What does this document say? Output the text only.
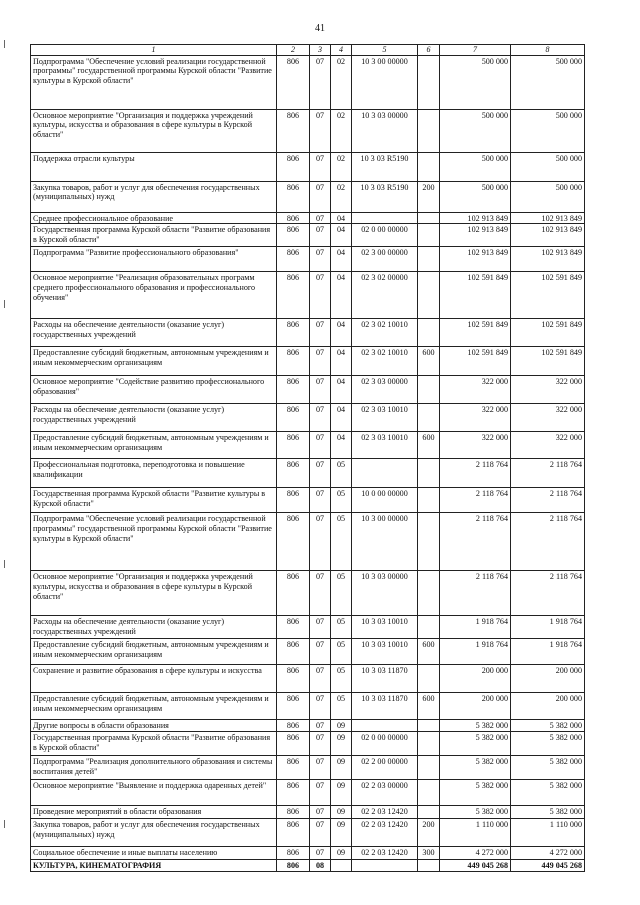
41
1	2	3	4	5	6	7	8
Подпрограмма "Обеспечение условий реализации государственной программы" государственной программы Курской области "Развитие культуры в Курской области"	806	07	02	10 3 00 00000		500 000	500 000
Основное мероприятие "Организация и поддержка учреждений культуры, искусства и образования в сфере культуры в Курской области"	806	07	02	10 3 03 00000		500 000	500 000
Поддержка отрасли культуры	806	07	02	10 3 03 R5190		500 000	500 000
Закупка товаров, работ и услуг для обеспечения государственных (муниципальных) нужд	806	07	02	10 3 03 R5190	200	500 000	500 000
Среднее профессиональное образование	806	07	04			102 913 849	102 913 849
Государственная программа Курской области "Развитие образования в Курской области"	806	07	04	02 0 00 00000		102 913 849	102 913 849
Подпрограмма "Развитие профессионального образования"	806	07	04	02 3 00 00000		102 913 849	102 913 849
Основное мероприятие "Реализация образовательных программ среднего профессионального образования и профессионального обучения"	806	07	04	02 3 02 00000		102 591 849	102 591 849
Расходы на обеспечение деятельности (оказание услуг) государственных учреждений	806	07	04	02 3 02 10010		102 591 849	102 591 849
Предоставление субсидий бюджетным, автономным учреждениям и иным некоммерческим организациям	806	07	04	02 3 02 10010	600	102 591 849	102 591 849
Основное мероприятие "Содействие развитию профессионального образования"	806	07	04	02 3 03 00000		322 000	322 000
Расходы на обеспечение деятельности (оказание услуг) государственных учреждений	806	07	04	02 3 03 10010		322 000	322 000
Предоставление субсидий бюджетным, автономным учреждениям и иным некоммерческим организациям	806	07	04	02 3 03 10010	600	322 000	322 000
Профессиональная подготовка, переподготовка и повышение квалификации	806	07	05			2 118 764	2 118 764
Государственная программа Курской области "Развитие культуры в Курской области"	806	07	05	10 0 00 00000		2 118 764	2 118 764
Подпрограмма "Обеспечение условий реализации государственной программы" государственной программы Курской области "Развитие культуры в Курской области"	806	07	05	10 3 00 00000		2 118 764	2 118 764
Основное мероприятие "Организация и поддержка учреждений культуры, искусства и образования в сфере культуры в Курской области"	806	07	05	10 3 03 00000		2 118 764	2 118 764
Расходы на обеспечение деятельности (оказание услуг) государственных учреждений	806	07	05	10 3 03 10010		1 918 764	1 918 764
Предоставление субсидий бюджетным, автономным учреждениям и иным некоммерческим организациям	806	07	05	10 3 03 10010	600	1 918 764	1 918 764
Сохранение и развитие образования в сфере культуры и искусства	806	07	05	10 3 03 11870		200 000	200 000
Предоставление субсидий бюджетным, автономным учреждениям и иным некоммерческим организациям	806	07	05	10 3 03 11870	600	200 000	200 000
Другие вопросы в области образования	806	07	09			5 382 000	5 382 000
Государственная программа Курской области "Развитие образования в Курской области"	806	07	09	02 0 00 00000		5 382 000	5 382 000
Подпрограмма "Реализация дополнительного образования и системы воспитания детей"	806	07	09	02 2 00 00000		5 382 000	5 382 000
Основное мероприятие "Выявление и поддержка одаренных детей"	806	07	09	02 2 03 00000		5 382 000	5 382 000
Проведение мероприятий в области образования	806	07	09	02 2 03 12420		5 382 000	5 382 000
Закупка товаров, работ и услуг для обеспечения государственных (муниципальных) нужд	806	07	09	02 2 03 12420	200	1 110 000	1 110 000
Социальное обеспечение и иные выплаты населению	806	07	09	02 2 03 12420	300	4 272 000	4 272 000
КУЛЬТУРА, КИНЕМАТОГРАФИЯ	806	08				449 045 268	449 045 268
